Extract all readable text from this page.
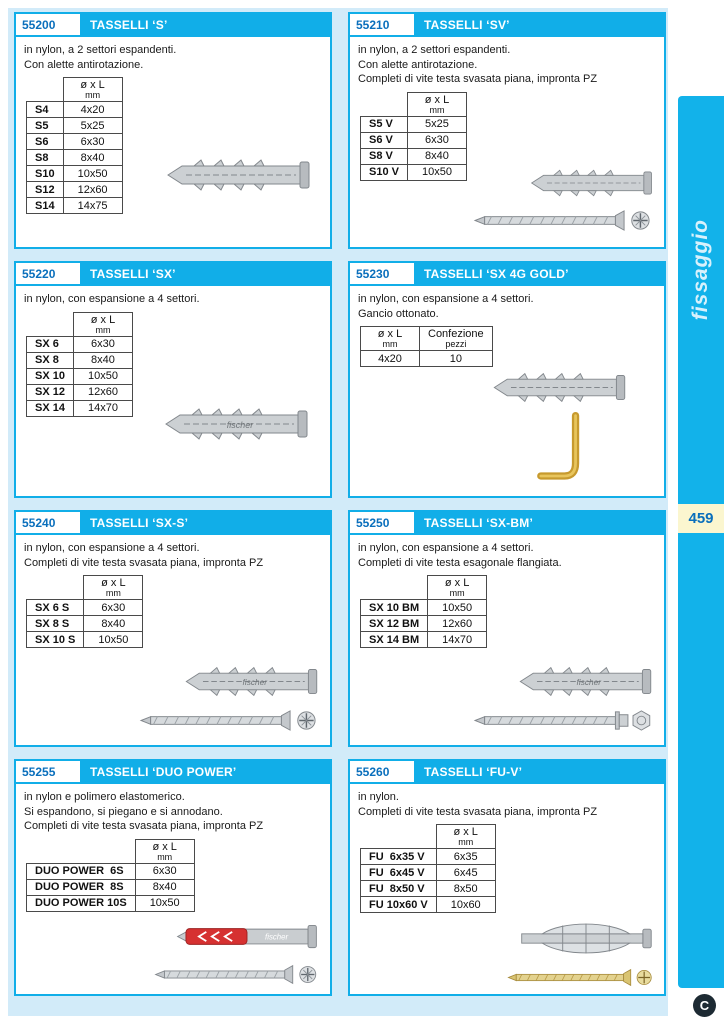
55200	TASSELLI ‘S’

in nylon, a 2 settori espandenti.
Con alette antirotazione.

	ø x L
mm

S4	4x20
S5	5x25
S6	6x30
S8	8x40
S10	10x50
S12	12x60
S14	14x75
55210	TASSELLI ‘SV’

in nylon, a 2 settori espandenti.
Con alette antirotazione.
Completi di vite testa svasata piana, impronta PZ

	ø x L
mm

S5 V	5x25
S6 V	6x30
S8 V	8x40
S10 V	10x50
55220	TASSELLI ‘SX’

in nylon, con espansione a 4 settori.

	ø x L
mm

SX 6	6x30
SX 8	8x40
SX 10	10x50
SX 12	12x60
SX 14	14x70
fischer
55230	TASSELLI ‘SX 4G GOLD’

in nylon, con espansione a 4 settori.
Gancio ottonato.

ø x L
mm	Confezione
pezzi

4x20	10
55240	TASSELLI ‘SX-S’

in nylon, con espansione a 4 settori.
Completi di vite testa svasata piana, impronta PZ

	ø x L
mm

SX 6 S	6x30
SX 8 S	8x40
SX 10 S	10x50
fischer
55250	TASSELLI ‘SX-BM’

in nylon, con espansione a 4 settori.
Completi di vite testa esagonale flangiata.

	ø x L
mm

SX 10 BM	10x50
SX 12 BM	12x60
SX 14 BM	14x70
fischer
55255	TASSELLI ‘DUO POWER’

in nylon e polimero elastomerico.
Si espandono, si piegano e si annodano.
Completi di vite testa svasata piana, impronta PZ

	ø x L
mm

DUO POWER  6S	6x30
DUO POWER  8S	8x40
DUO POWER 10S	10x50
fischer
55260	TASSELLI ‘FU-V’

in nylon.
Completi di vite testa svasata piana, impronta PZ

	ø x L
mm

FU  6x35 V	6x35
FU  6x45 V	6x45
FU  8x50 V	8x50
FU 10x60 V	10x60
fissaggio
459
C
